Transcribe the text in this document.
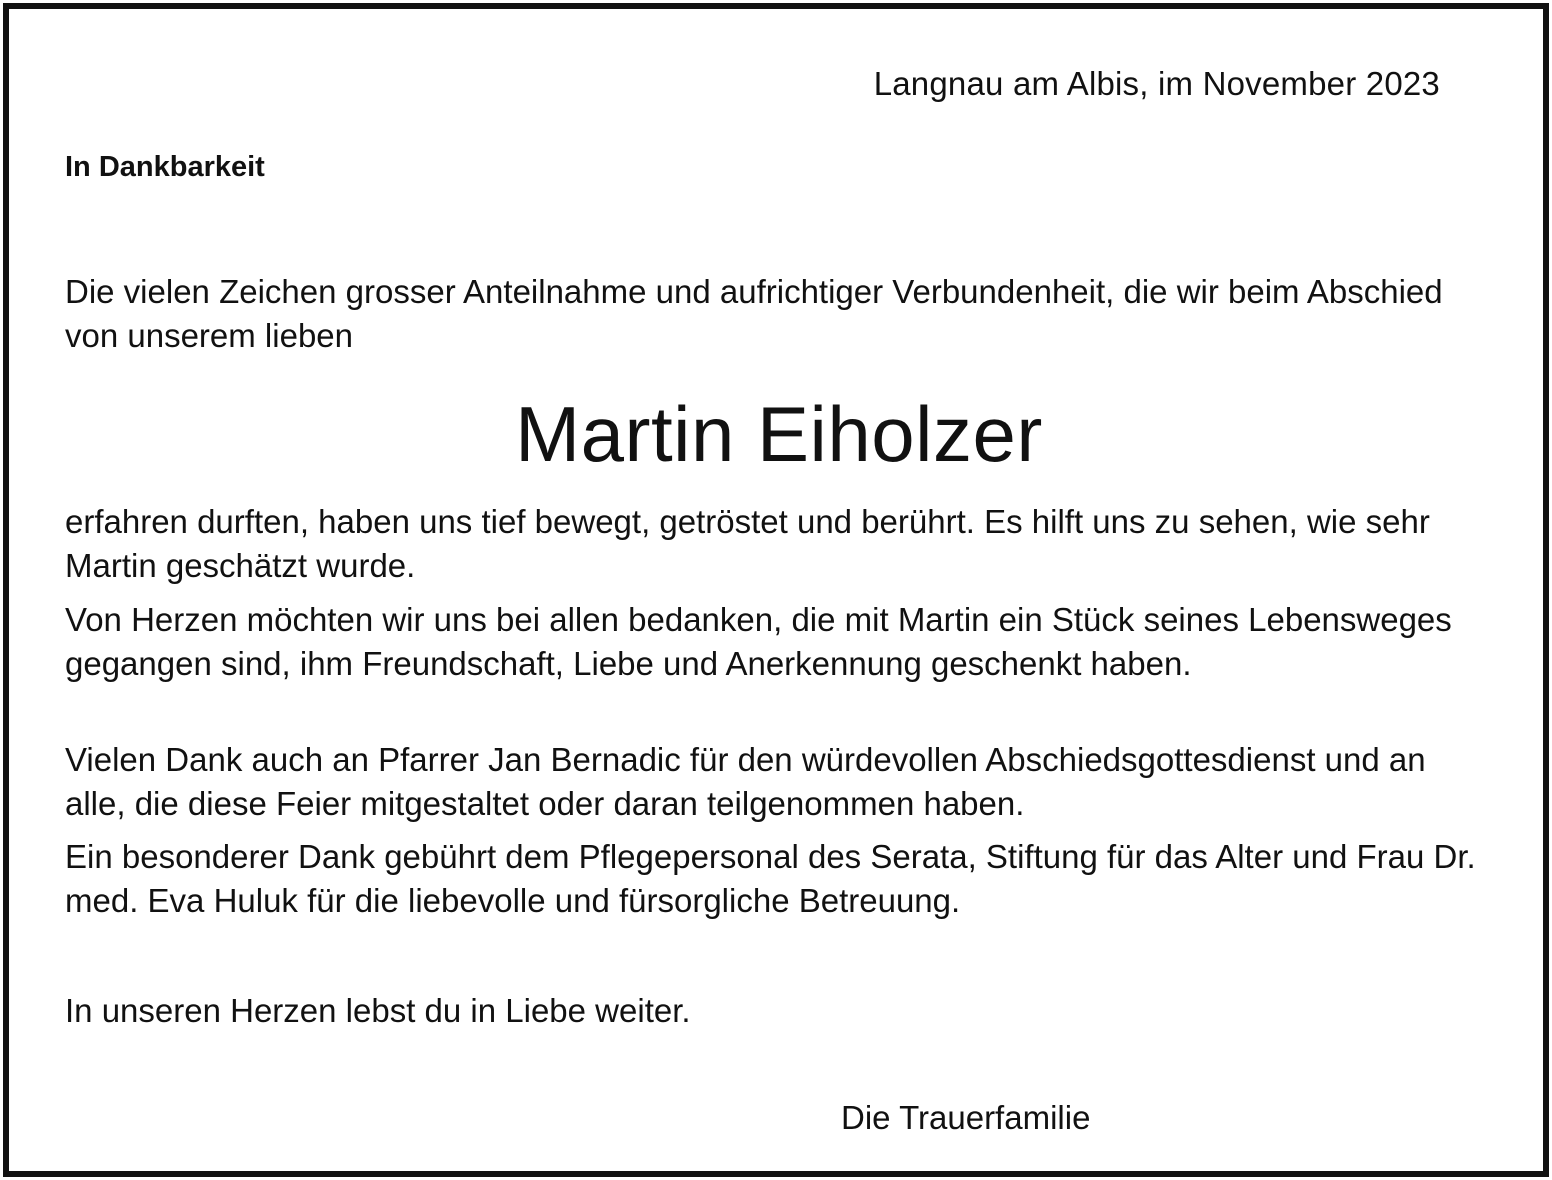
Langnau am Albis, im November 2023
In Dankbarkeit

Die vielen Zeichen grosser Anteilnahme und aufrichtiger Verbundenheit, die wir beim Abschied von unserem lieben

Martin Eiholzer

erfahren durften, haben uns tief bewegt, getröstet und berührt. Es hilft uns zu sehen, wie sehr Martin geschätzt wurde.

Von Herzen möchten wir uns bei allen bedanken, die mit Martin ein Stück seines Lebensweges gegangen sind, ihm Freundschaft, Liebe und Anerkennung geschenkt haben.

Vielen Dank auch an Pfarrer Jan Bernadic für den würdevollen Abschiedsgottesdienst und an alle, die diese Feier mitgestaltet oder daran teilgenommen haben.

Ein besonderer Dank gebührt dem Pflegepersonal des Serata, Stiftung für das Alter und Frau Dr. med. Eva Huluk für die liebevolle und fürsorgliche Betreuung.

In unseren Herzen lebst du in Liebe weiter.

Die Trauerfamilie
